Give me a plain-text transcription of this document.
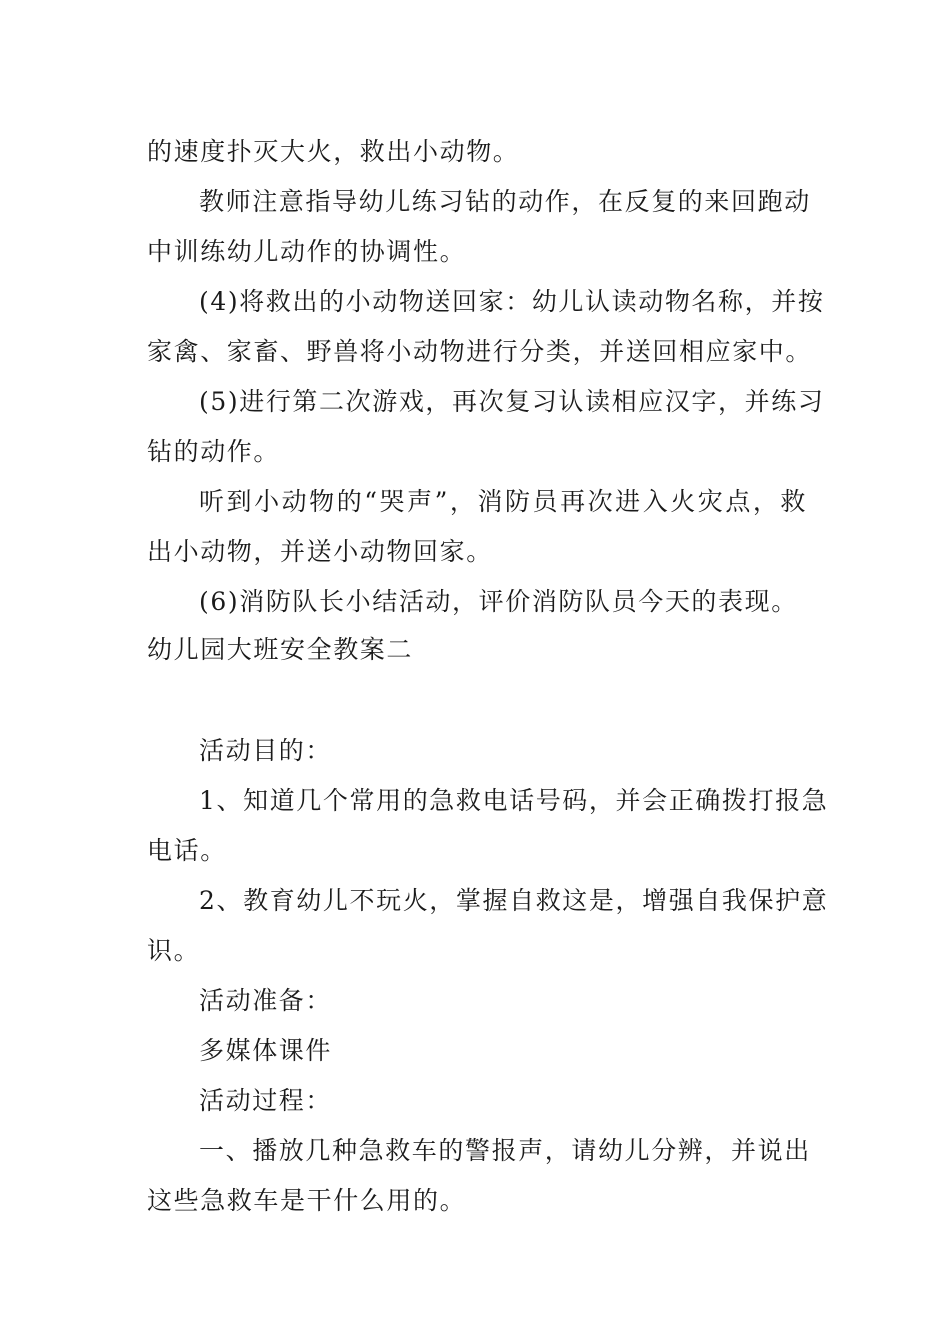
的速度扑灭大火，救出小动物。
教师注意指导幼儿练习钻的动作，在反复的来回跑动
中训练幼儿动作的协调性。
(4)将救出的小动物送回家：幼儿认读动物名称，并按
家禽、家畜、野兽将小动物进行分类，并送回相应家中。
(5)进行第二次游戏，再次复习认读相应汉字，并练习
钻的动作。
听到小动物的“哭声”，消防员再次进入火灾点，救
出小动物，并送小动物回家。
(6)消防队长小结活动，评价消防队员今天的表现。
幼儿园大班安全教案二
活动目的：
1、知道几个常用的急救电话号码，并会正确拨打报急
电话。
2、教育幼儿不玩火，掌握自救这是，增强自我保护意
识。
活动准备：
多媒体课件
活动过程：
一、播放几种急救车的警报声，请幼儿分辨，并说出
这些急救车是干什么用的。
